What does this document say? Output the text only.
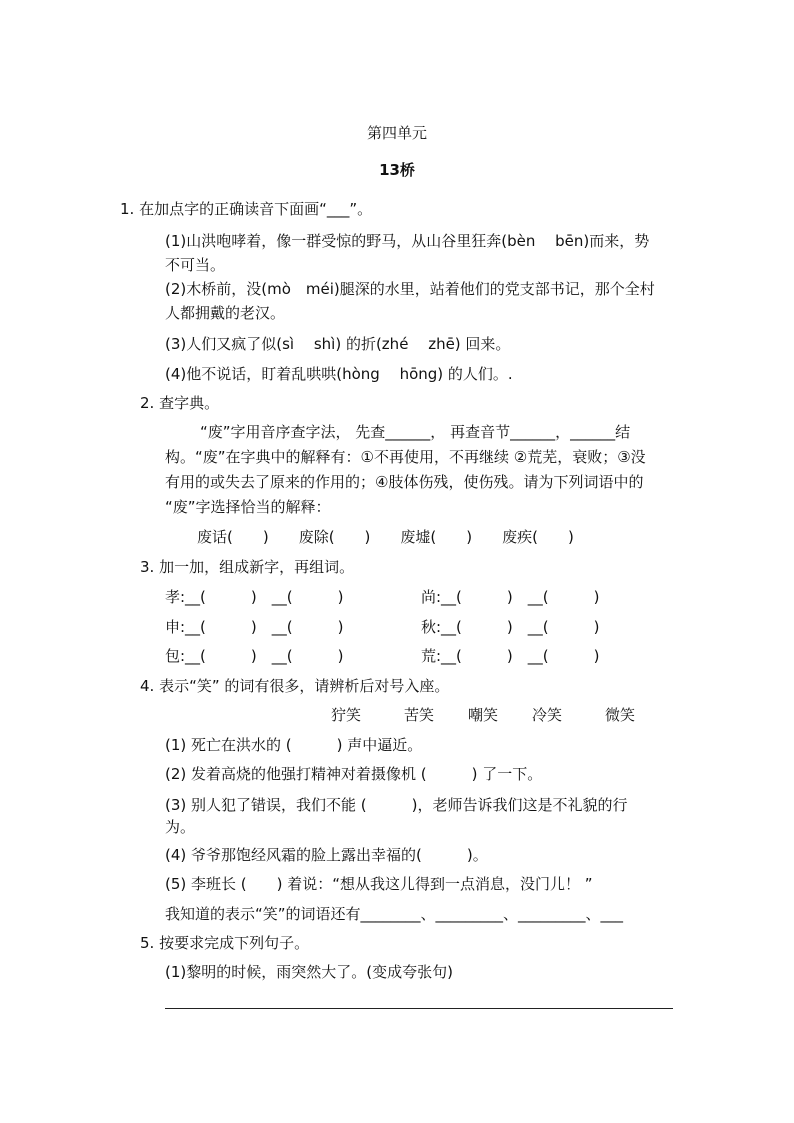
第四单元
13桥
1. 在加点字的正确读音下面画“___”。
(1)山洪咆哮着，像一群受惊的野马，从山谷里狂奔(bèn　 bēn)而来，势
不可当。
(2)木桥前，没(mò　méi)腿深的水里，站着他们的党支部书记，那个全村
人都拥戴的老汉。
(3)人们又疯了似(sì　 shì) 的折(zhé　 zhē) 回来。
(4)他不说话，盯着乱哄哄(hòng　 hōng) 的人们。.
2. 查字典。
“废”字用音序查字法， 先查______， 再查音节______，______结
构。“废”在字典中的解释有：①不再使用，不再继续 ②荒芜，衰败；③没
有用的或失去了原来的作用的；④肢体伤残，使伤残。请为下列词语中的
“废”字选择恰当的解释：
废话(　　)　　废除(　　)　　废墟(　　)　　废疾(　　)
3. 加一加，组成新字，再组词。
孝:__(　　　)　__(　　　)	尚:__(　　　)　__(　　　)
申:__(　　　)　__(　　　)	秋:__(　　　)　__(　　　)
包:__(　　　)　__(　　　)	荒:__(　　　)　__(　　　)
4. 表示“笑” 的词有很多，请辨析后对号入座。
狞笑	苦笑 嘲笑 冷笑	微笑
(1) 死亡在洪水的 (　　　) 声中逼近。
(2) 发着高烧的他强打精神对着摄像机 (　　　) 了一下。
(3) 别人犯了错误，我们不能 (　　　)，老师告诉我们这是不礼貌的行
为。
(4) 爷爷那饱经风霜的脸上露出幸福的(　　　)。
(5) 李班长 (　　) 着说：“想从我这儿得到一点消息，没门儿！ ”
我知道的表示“笑”的词语还有________、_________、_________、___
5. 按要求完成下列句子。
(1)黎明的时候，雨突然大了。(变成夸张句)
